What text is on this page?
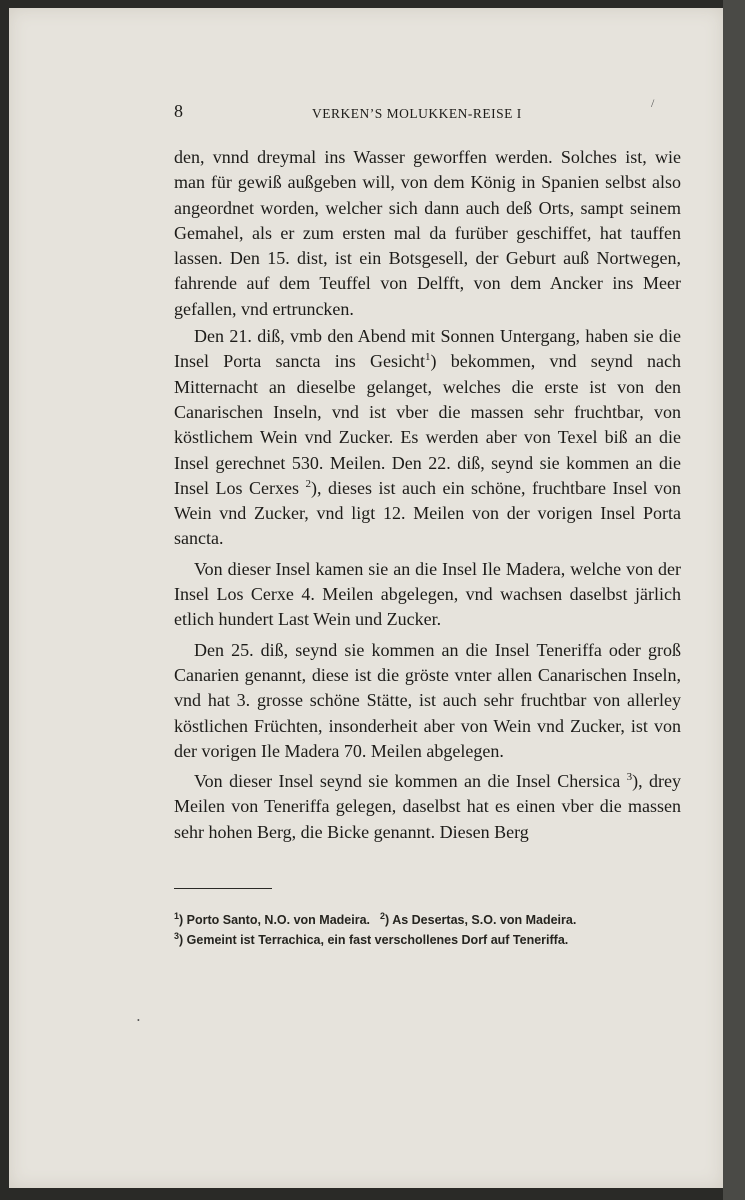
8	VERKEN’S MOLUKKEN-REISE I
/
•

den, vnnd dreymal ins Wasser geworffen werden. Solches ist, wie man für gewiß außgeben will, von dem König in Spanien selbst also angeordnet worden, welcher sich dann auch deß Orts, sampt seinem Gemahel, als er zum ersten mal da furüber geschiffet, hat tauffen lassen. Den 15. dist, ist ein Botsgesell, der Geburt auß Nortwegen, fahrende auf dem Teuffel von Delfft, von dem Ancker ins Meer gefallen, vnd ertruncken.

Den 21. diß, vmb den Abend mit Sonnen Untergang, haben sie die Insel Porta sancta ins Gesicht$^1$) bekommen, vnd seynd nach Mitternacht an dieselbe gelanget, welches die erste ist von den Canarischen Inseln, vnd ist vber die massen sehr fruchtbar, von köstlichem Wein vnd Zucker. Es werden aber von Texel biß an die Insel gerechnet 530. Meilen. Den 22. diß, seynd sie kommen an die Insel Los Cerxes $^2$), dieses ist auch ein schöne, fruchtbare Insel von Wein vnd Zucker, vnd ligt 12. Meilen von der vorigen Insel Porta sancta.

Von dieser Insel kamen sie an die Insel Ile Madera, welche von der Insel Los Cerxe 4. Meilen abgelegen, vnd wachsen daselbst järlich etlich hundert Last Wein und Zucker.

Den 25. diß, seynd sie kommen an die Insel Teneriffa oder groß Canarien genannt, diese ist die gröste vnter allen Canarischen Inseln, vnd hat 3. grosse schöne Stätte, ist auch sehr fruchtbar von allerley köstlichen Früchten, insonderheit aber von Wein vnd Zucker, ist von der vorigen Ile Madera 70. Meilen abgelegen.

Von dieser Insel seynd sie kommen an die Insel Chersica $^3$), drey Meilen von Teneriffa gelegen, daselbst hat es einen vber die massen sehr hohen Berg, die Bicke genannt. Diesen Berg

$^1$) Porto Santo, N.O. von Madeira. $^2$) As Desertas, S.O. von Madeira.
$^3$) Gemeint ist Terrachica, ein fast verschollenes Dorf auf Teneriffa.
